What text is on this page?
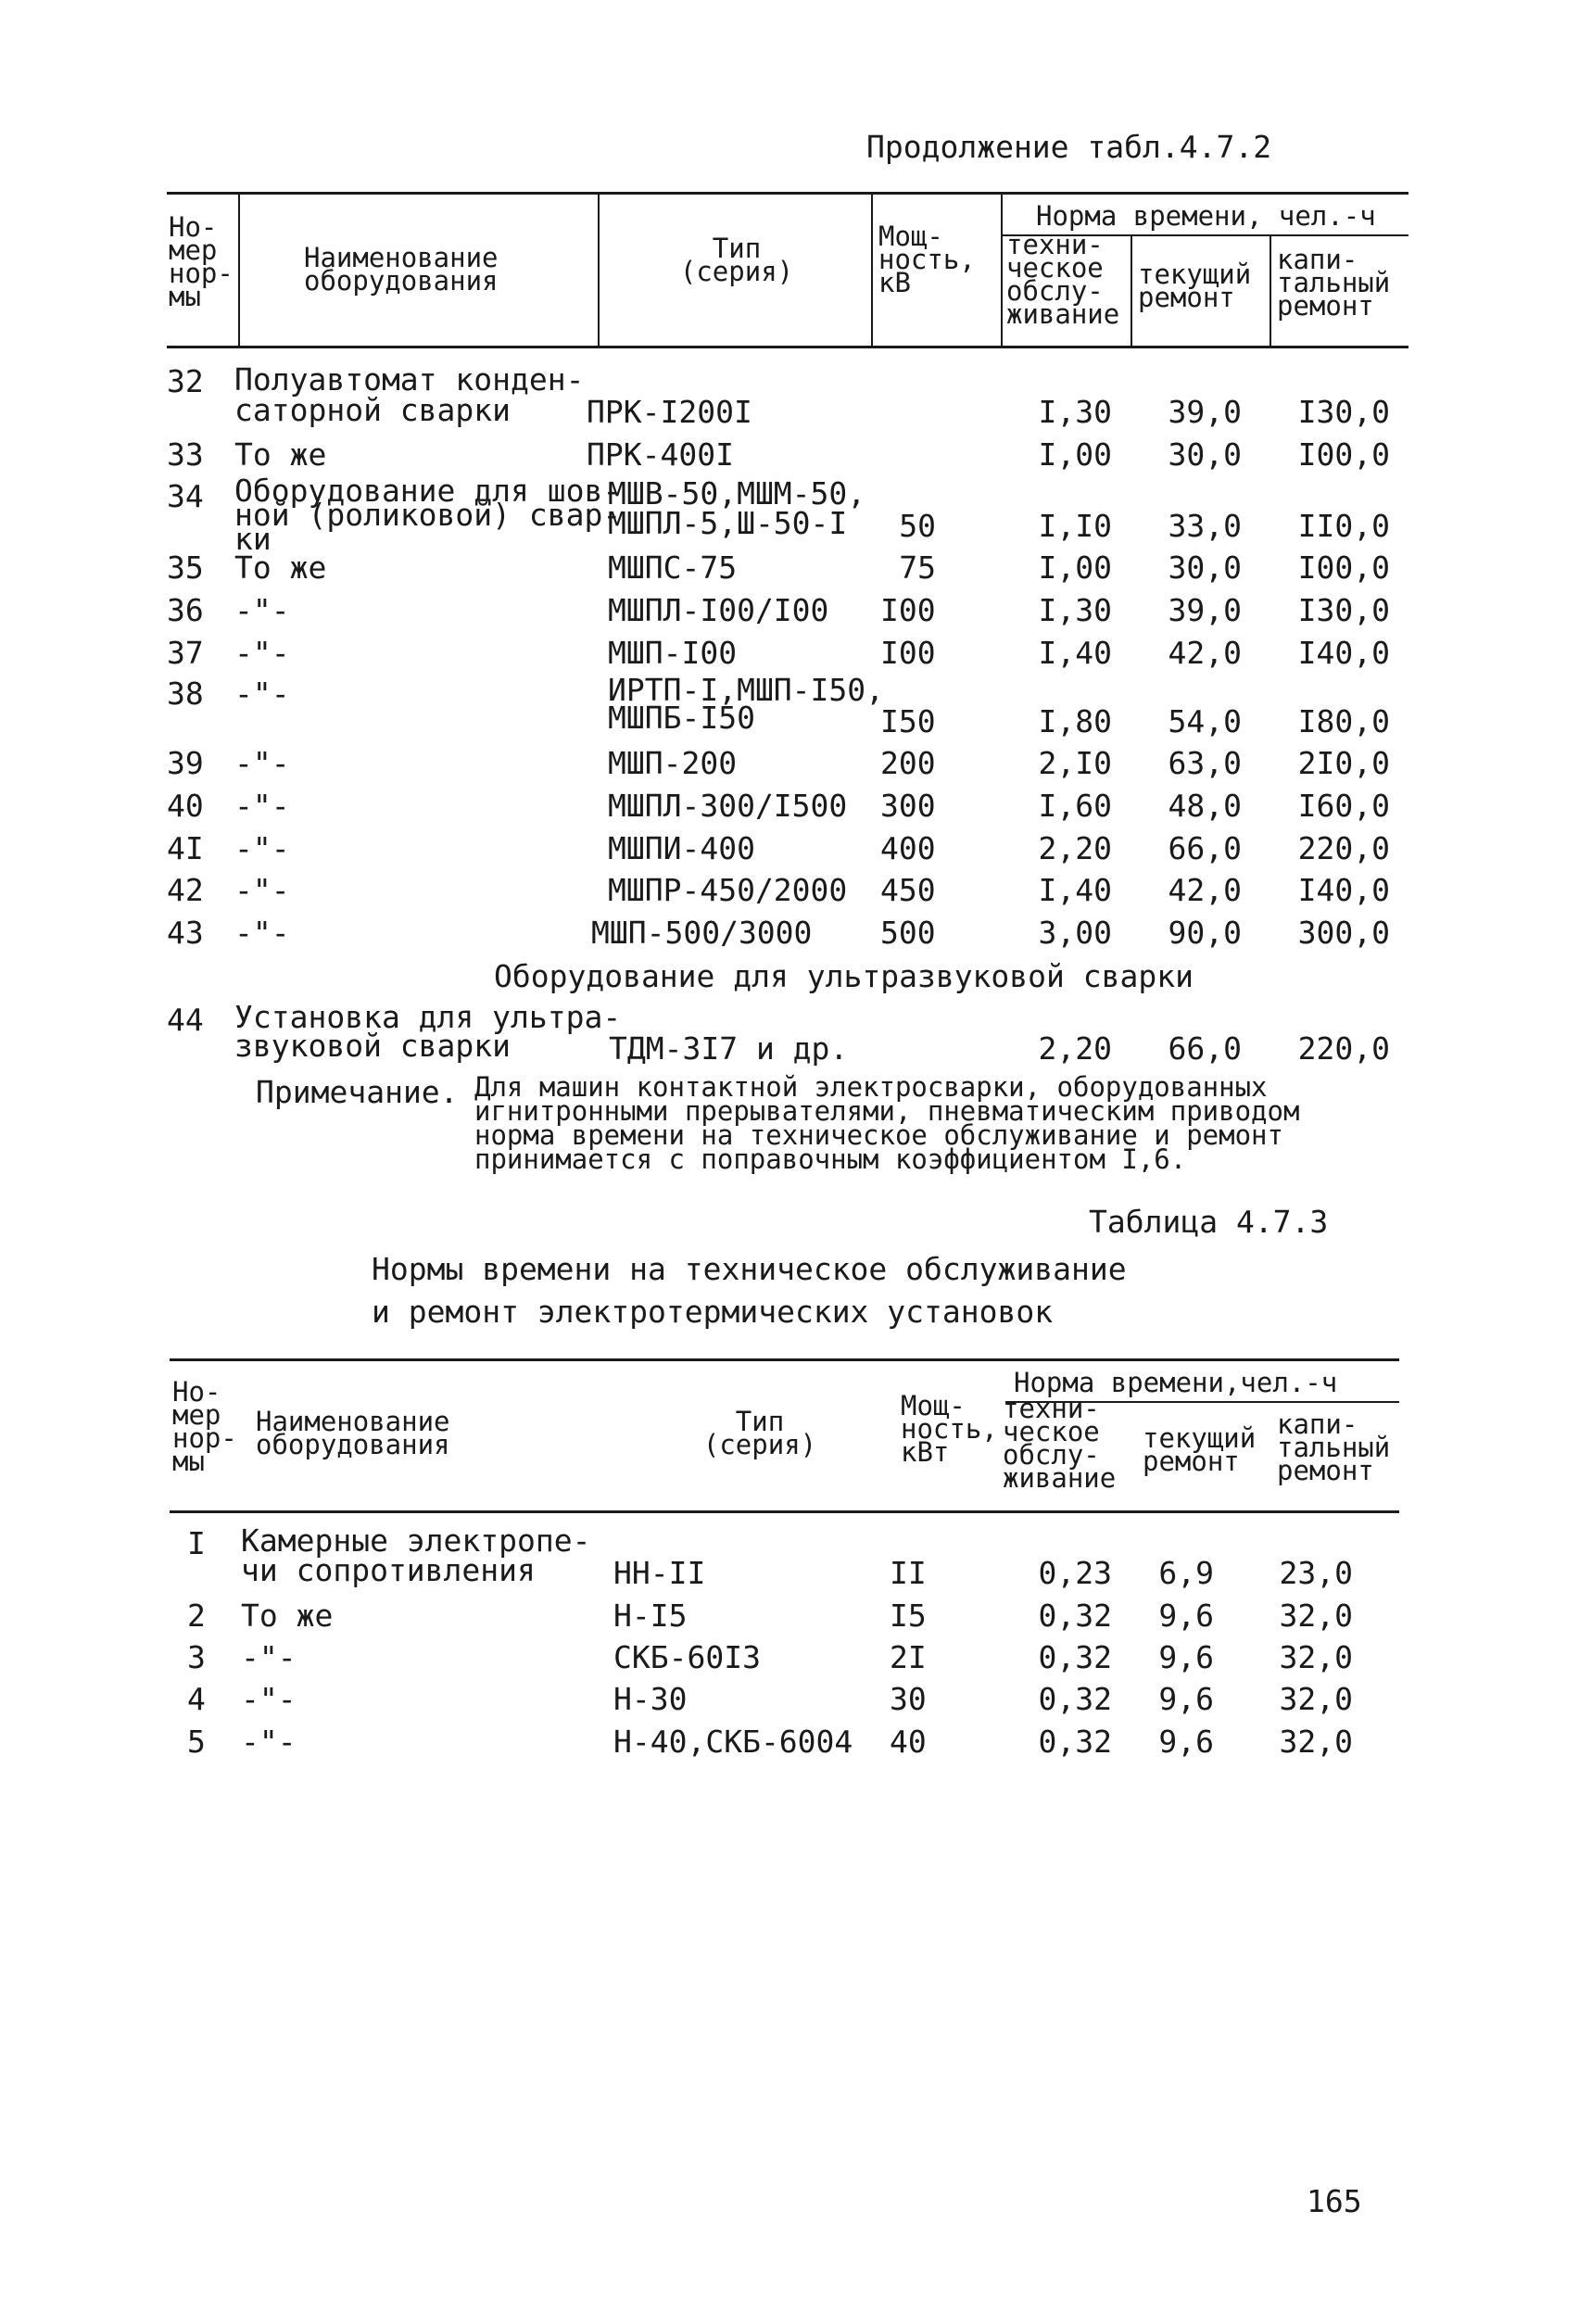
Продолжение табл.4.7.2
Но-
мер
нор-
мы
Наименование
оборудования
Тип
(серия)
Мощ-
ность,
кВ
Норма времени, чел.-ч
техни-
ческое
обслу-
живание
текущий
ремонт
капи-
тальный
ремонт
32 Полуавтомат конден-
саторной сварки	ПРК-I200I	I,30	39,0	I30,0
33 То же	ПРК-400I	I,00	30,0	I00,0
34 Оборудование для шов-
ной (роликовой) свар-
ки
МШВ-50,МШМ-50,
МШПЛ-5,Ш-50-I	50	I,I0	33,0	II0,0
35 То же	МШПС-75	75	I,00	30,0	I00,0
36 -"-	МШПЛ-I00/I00 I00	I,30	39,0	I30,0
37 -"-	МШП-I00	I00	I,40	42,0	I40,0
38 -"-	ИРТП-I,МШП-I50,
МШПБ-I50	I50	I,80	54,0	I80,0
39 -"-	МШП-200	200	2,I0	63,0	2I0,0
40 -"-	МШПЛ-300/I500 300	I,60	48,0	I60,0
4I -"-	МШПИ-400	400	2,20	66,0	220,0
42 -"-	МШПР-450/2000 450	I,40	42,0	I40,0
43 -"-	МШП-500/3000 500	3,00	90,0	300,0
Оборудование для ультразвуковой сварки
44 Установка для ультра-
звуковой сварки	ТДМ-3I7 и др.	2,20	66,0	220,0
Примечание. Для машин контактной электросварки, оборудованных
игнитронными прерывателями, пневматическим приводом
норма времени на техническое обслуживание и ремонт
принимается с поправочным коэффициентом I,6.
Таблица 4.7.3
Нормы времени на техническое обслуживание
и ремонт электротермических установок
Но-
мер
нор-
мы
Наименование
оборудования
Тип
(серия)
Мощ-
ность,
кВт
Норма времени,чел.-ч
техни-
ческое
обслу-
живание
текущий
ремонт
капи-
тальный
ремонт
I Камерные электропе-
чи сопротивления	НН-II	II	0,23	6,9	23,0
2 То же	Н-I5	I5	0,32	9,6	32,0
3 -"-	СКБ-60I3	2I	0,32	9,6	32,0
4 -"-	Н-30	30	0,32	9,6	32,0
5 -"-	Н-40,СКБ-6004 40	0,32	9,6	32,0
165
